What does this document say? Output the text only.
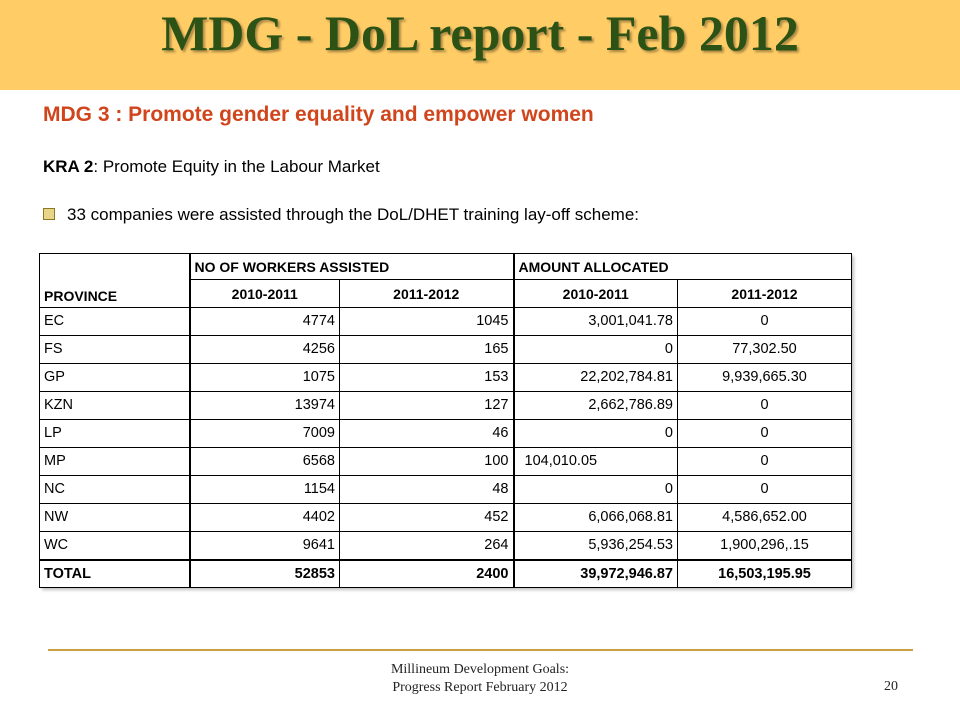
MDG - DoL report - Feb 2012
MDG 3 : Promote gender equality and empower women
KRA 2: Promote Equity in the Labour Market
33 companies were assisted through the DoL/DHET training lay-off scheme:
PROVINCE	NO OF WORKERS ASSISTED		AMOUNT ALLOCATED	
	2010-2011	2011-2012	2010-2011	2011-2012
EC	4774	1045	3,001,041.78	0
FS	4256	165	0	77,302.50
GP	1075	153	22,202,784.81	9,939,665.30
KZN	13974	127	2,662,786.89	0
LP	7009	46	0	0
MP	6568	100	104,010.05	0
NC	1154	48	0	0
NW	4402	452	6,066,068.81	4,586,652.00
WC	9641	264	5,936,254.53	1,900,296,.15
TOTAL	52853	2400	39,972,946.87	16,503,195.95
Millineum Development Goals:
Progress Report February 2012	20
